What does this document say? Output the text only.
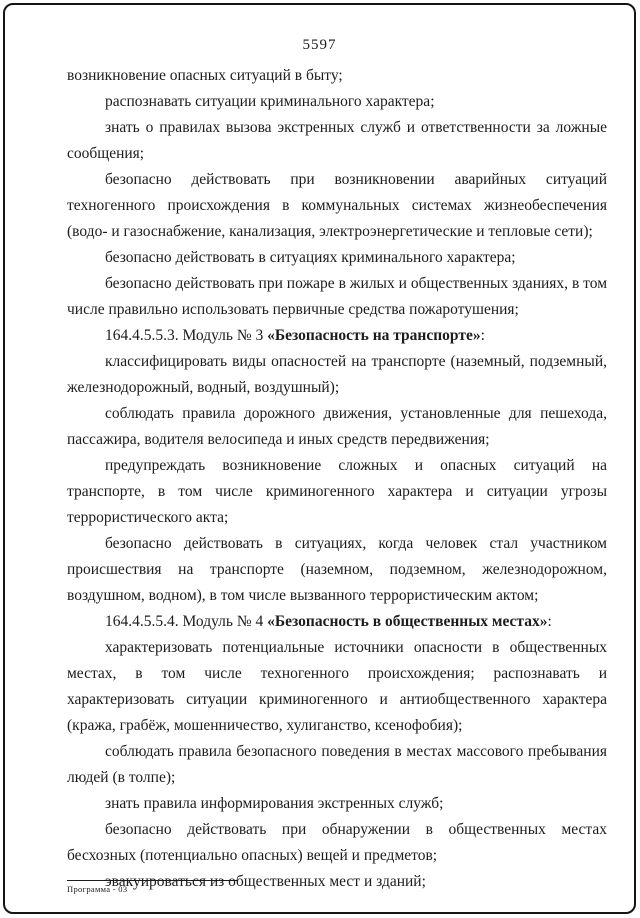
5597

возникновение опасных ситуаций в быту;

распознавать ситуации криминального характера;

знать о правилах вызова экстренных служб и ответственности за ложные сообщения;

безопасно действовать при возникновении аварийных ситуаций техногенного происхождения в коммунальных системах жизнеобеспечения (водо- и газоснабжение, канализация, электроэнергетические и тепловые сети);

безопасно действовать в ситуациях криминального характера;

безопасно действовать при пожаре в жилых и общественных зданиях, в том числе правильно использовать первичные средства пожаротушения;

164.4.5.5.3. Модуль № 3 «Безопасность на транспорте»:

классифицировать виды опасностей на транспорте (наземный, подземный, железнодорожный, водный, воздушный);

соблюдать правила дорожного движения, установленные для пешехода, пассажира, водителя велосипеда и иных средств передвижения;

предупреждать возникновение сложных и опасных ситуаций на транспорте, в том числе криминогенного характера и ситуации угрозы террористического акта;

безопасно действовать в ситуациях, когда человек стал участником происшествия на транспорте (наземном, подземном, железнодорожном, воздушном, водном), в том числе вызванного террористическим актом;

164.4.5.5.4. Модуль № 4 «Безопасность в общественных местах»:

характеризовать потенциальные источники опасности в общественных местах, в том числе техногенного происхождения; распознавать и характеризовать ситуации криминогенного и антиобщественного характера (кража, грабёж, мошенничество, хулиганство, ксенофобия);

соблюдать правила безопасного поведения в местах массового пребывания людей (в толпе);

знать правила информирования экстренных служб;

безопасно действовать при обнаружении в общественных местах бесхозных (потенциально опасных) вещей и предметов;

эвакуироваться из общественных мест и зданий;

Программа - 03
